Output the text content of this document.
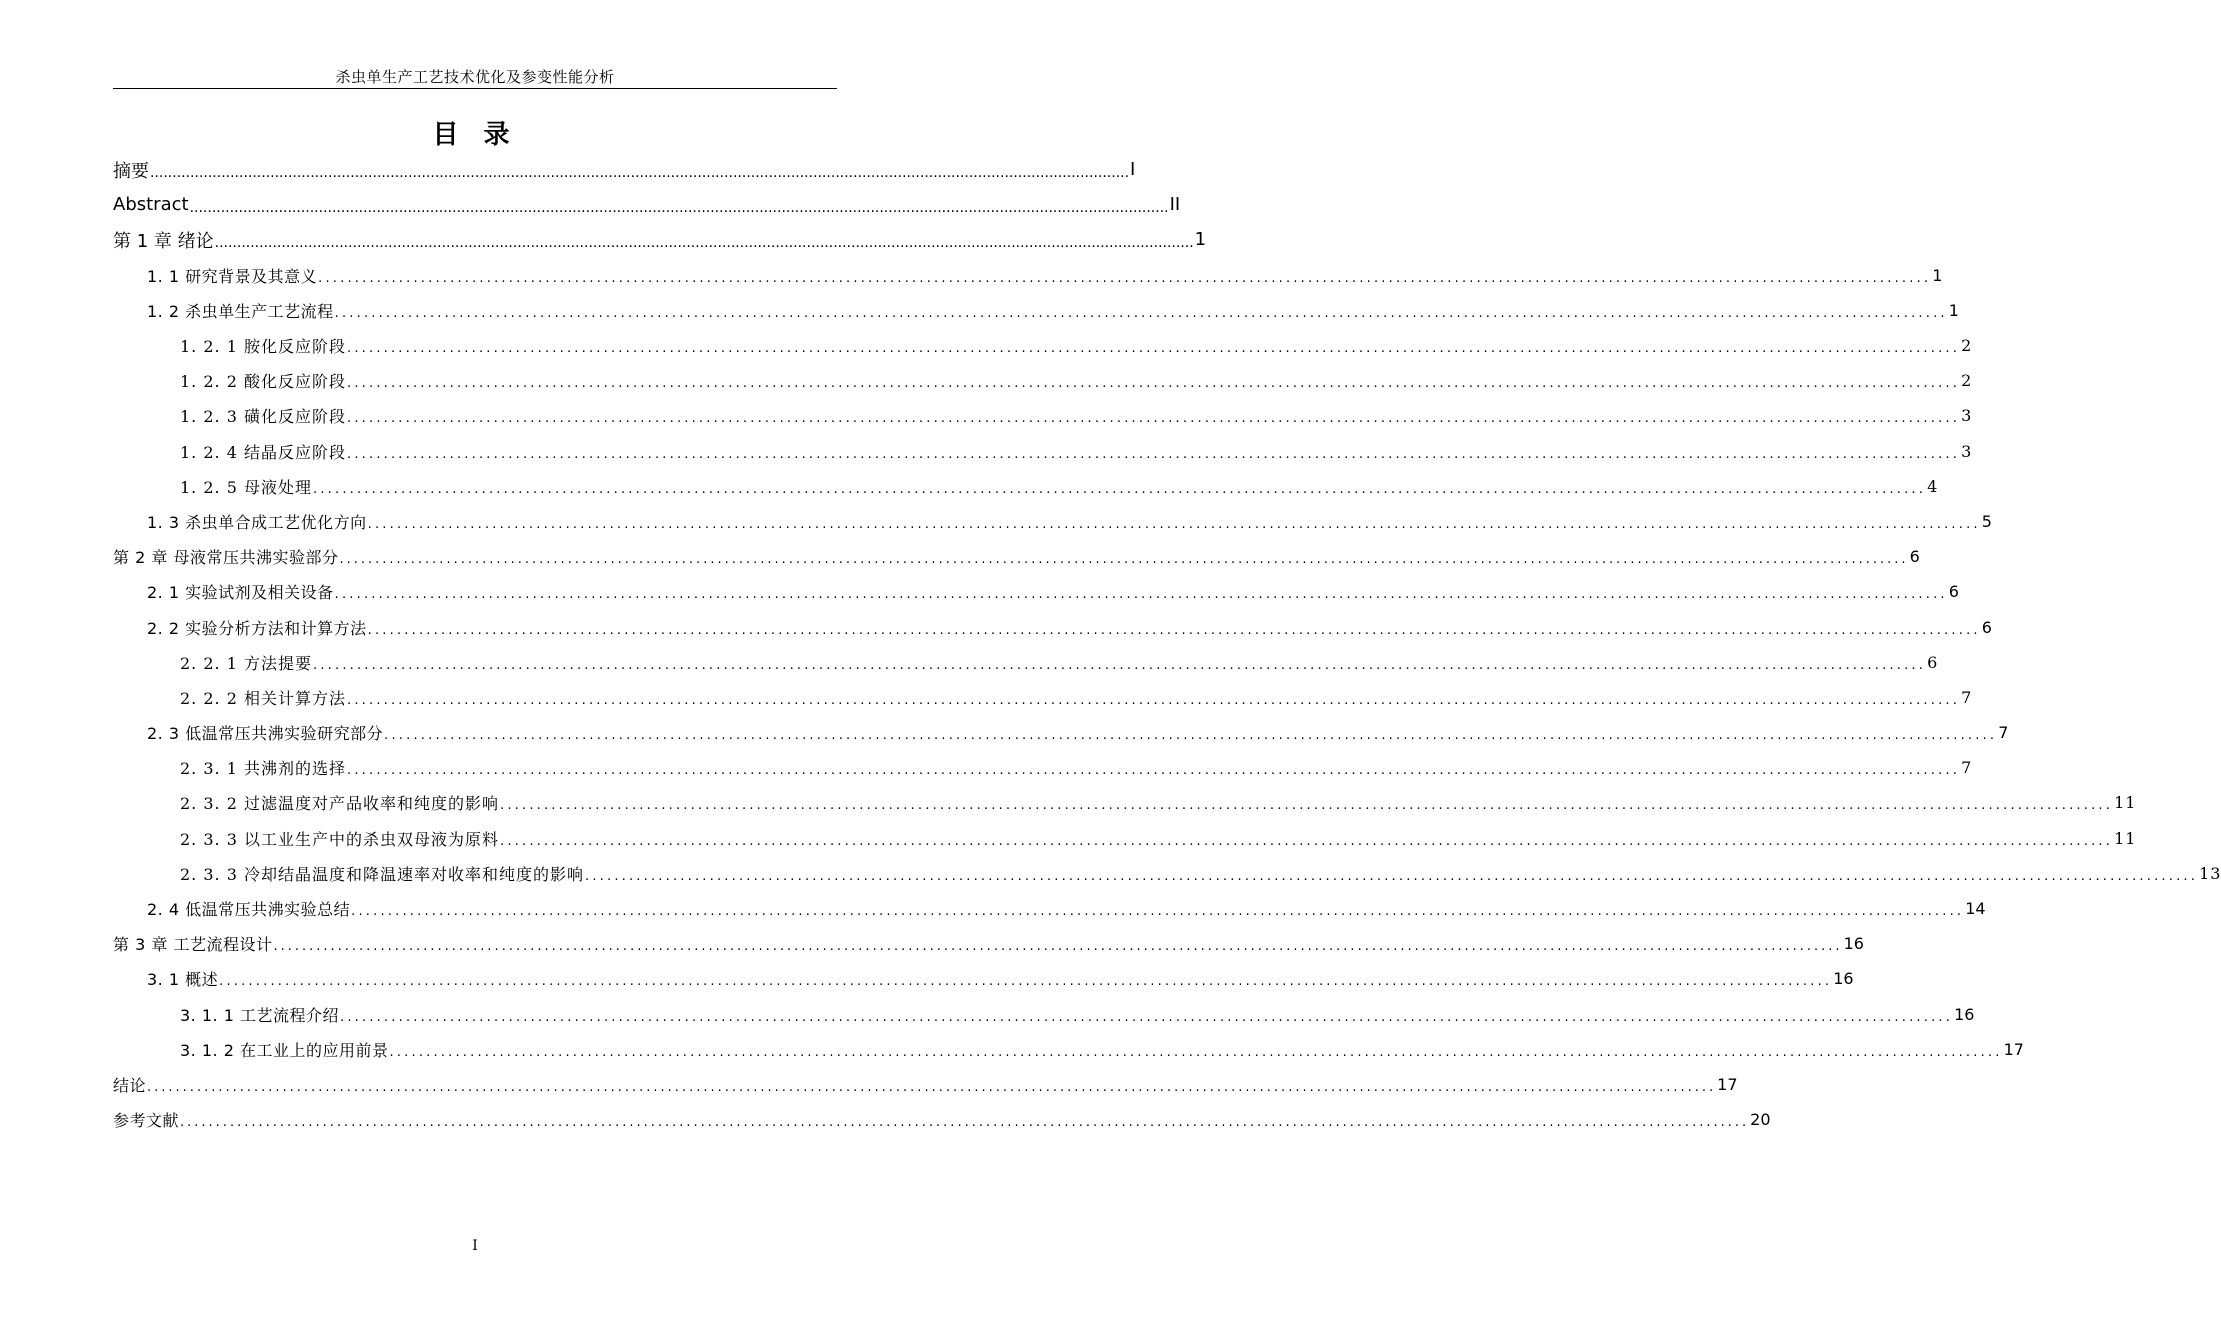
杀虫单生产工艺技术优化及参变性能分析
目 录
摘要 ............................................................................................................................................................................................................................ I
Abstract ............................................................................................................................................................................................................................ II
第 1 章 绪论 ............................................................................................................................................................................................................................ 1
1. 1 研究背景及其意义 ............................................................................................................................................................................................................................ 1
1. 2 杀虫单生产工艺流程 ............................................................................................................................................................................................................................ 1
1. 2. 1 胺化反应阶段 ............................................................................................................................................................................................................................ 2
1. 2. 2 酸化反应阶段 ............................................................................................................................................................................................................................ 2
1. 2. 3 磺化反应阶段 ............................................................................................................................................................................................................................ 3
1. 2. 4 结晶反应阶段 ............................................................................................................................................................................................................................ 3
1. 2. 5 母液处理 ............................................................................................................................................................................................................................ 4
1. 3 杀虫单合成工艺优化方向 ............................................................................................................................................................................................................................ 5
第 2 章 母液常压共沸实验部分 ............................................................................................................................................................................................................................ 6
2. 1 实验试剂及相关设备 ............................................................................................................................................................................................................................ 6
2. 2 实验分析方法和计算方法 ............................................................................................................................................................................................................................ 6
2. 2. 1 方法提要 ............................................................................................................................................................................................................................ 6
2. 2. 2 相关计算方法 ............................................................................................................................................................................................................................ 7
2. 3 低温常压共沸实验研究部分 ............................................................................................................................................................................................................................ 7
2. 3. 1 共沸剂的选择 ............................................................................................................................................................................................................................ 7
2. 3. 2 过滤温度对产品收率和纯度的影响 ............................................................................................................................................................................................................................ 11
2. 3. 3 以工业生产中的杀虫双母液为原料 ............................................................................................................................................................................................................................ 11
2. 3. 3 冷却结晶温度和降温速率对收率和纯度的影响 ............................................................................................................................................................................................................................ 13
2. 4 低温常压共沸实验总结 ............................................................................................................................................................................................................................ 14
第 3 章 工艺流程设计 ............................................................................................................................................................................................................................ 16
3. 1 概述 ............................................................................................................................................................................................................................ 16
3. 1. 1 工艺流程介绍 ............................................................................................................................................................................................................................ 16
3. 1. 2 在工业上的应用前景 ............................................................................................................................................................................................................................ 17
结论 ............................................................................................................................................................................................................................ 17
参考文献 ............................................................................................................................................................................................................................ 20
I
